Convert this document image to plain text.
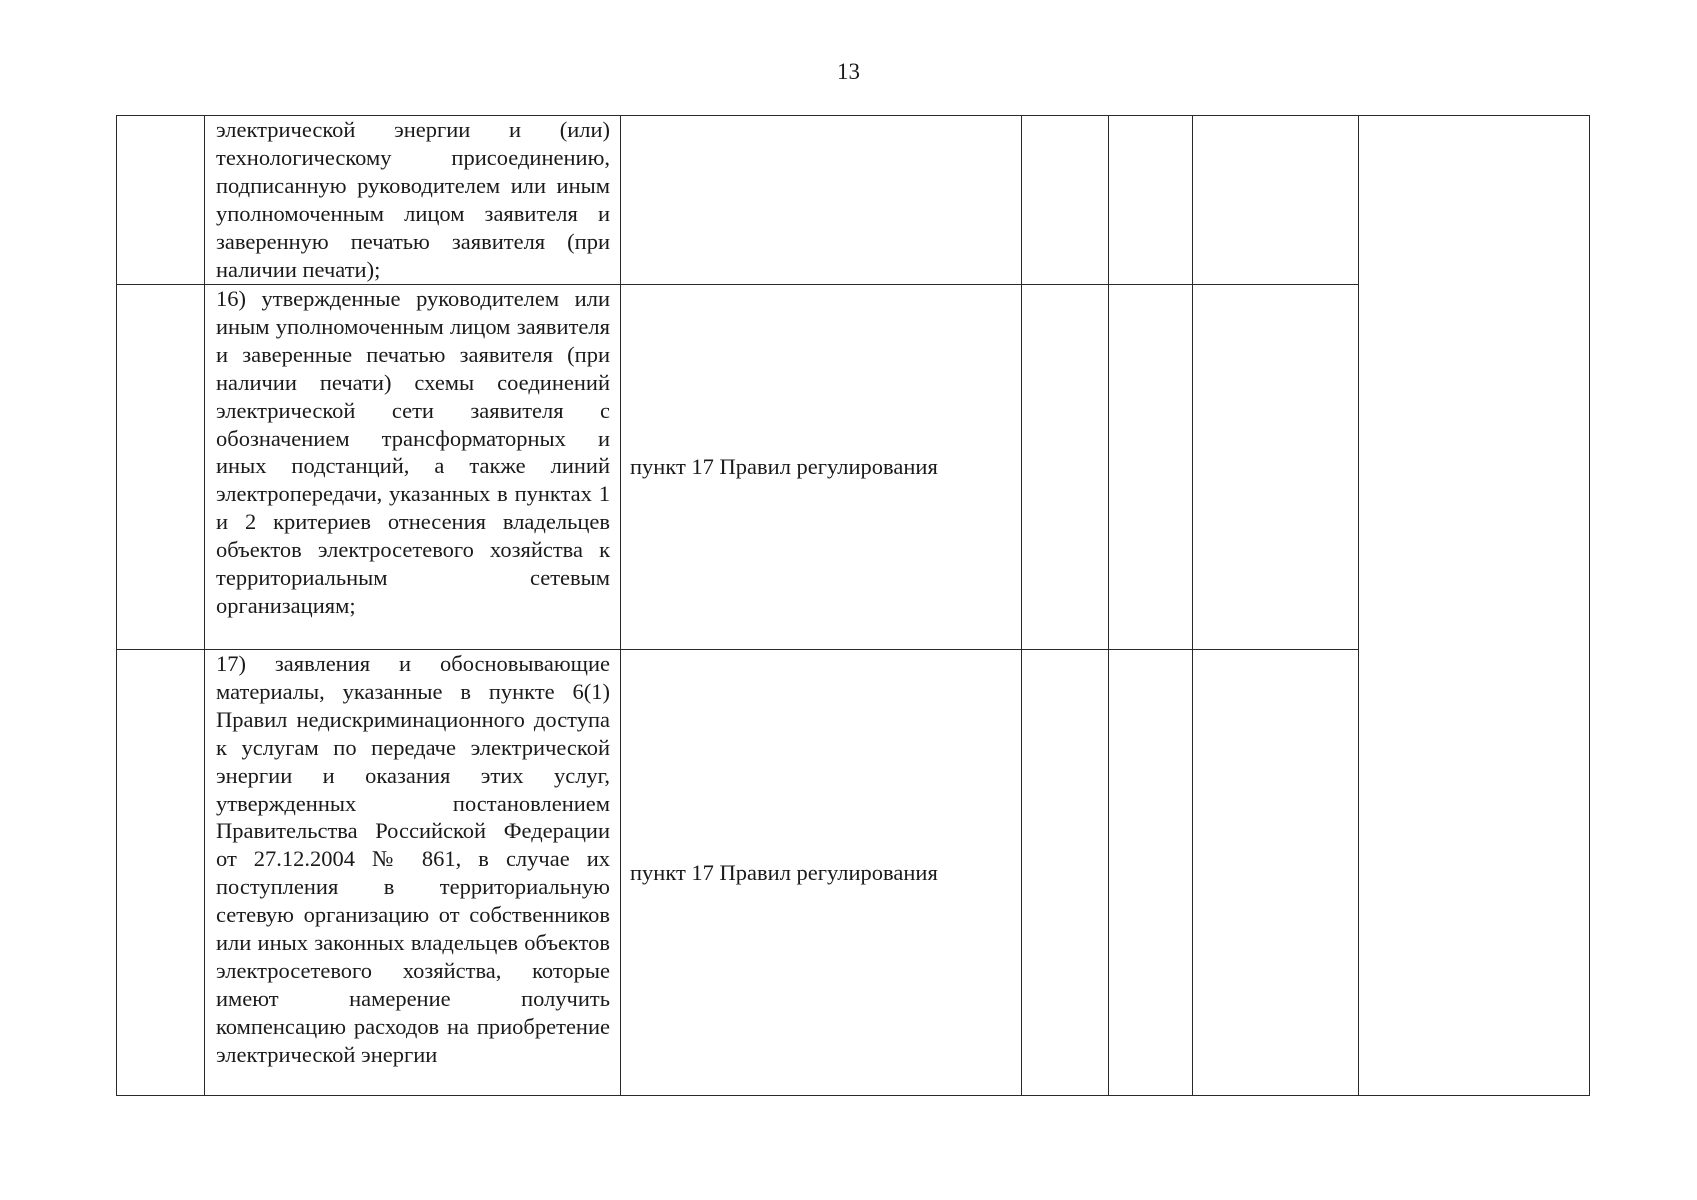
13
	электрической энергии и (или) технологическому присоединению, подписанную руководителем или иным уполномоченным лицом заявителя и заверенную печатью заявителя (при наличии печати);					
	16) утвержденные руководителем или иным уполномоченным лицом заявителя и заверенные печатью заявителя (при наличии печати) схемы соединений электрической сети заявителя с обозначением трансформаторных и иных подстанций, а также линий электропередачи, указанных в пунктах 1 и 2 критериев отнесения владельцев объектов электросетевого хозяйства к территориальным сетевым организациям;	пункт 17 Правил регулирования				
	17) заявления и обосновывающие материалы, указанные в пункте 6(1) Правил недискриминационного доступа к услугам по передаче электрической энергии и оказания этих услуг, утвержденных постановлением Правительства Российской Федерации от 27.12.2004 № 861, в случае их поступления в территориальную сетевую организацию от собственников или иных законных владельцев объектов электросетевого хозяйства, которые имеют намерение получить компенсацию расходов на приобретение электрической энергии	пункт 17 Правил регулирования				
